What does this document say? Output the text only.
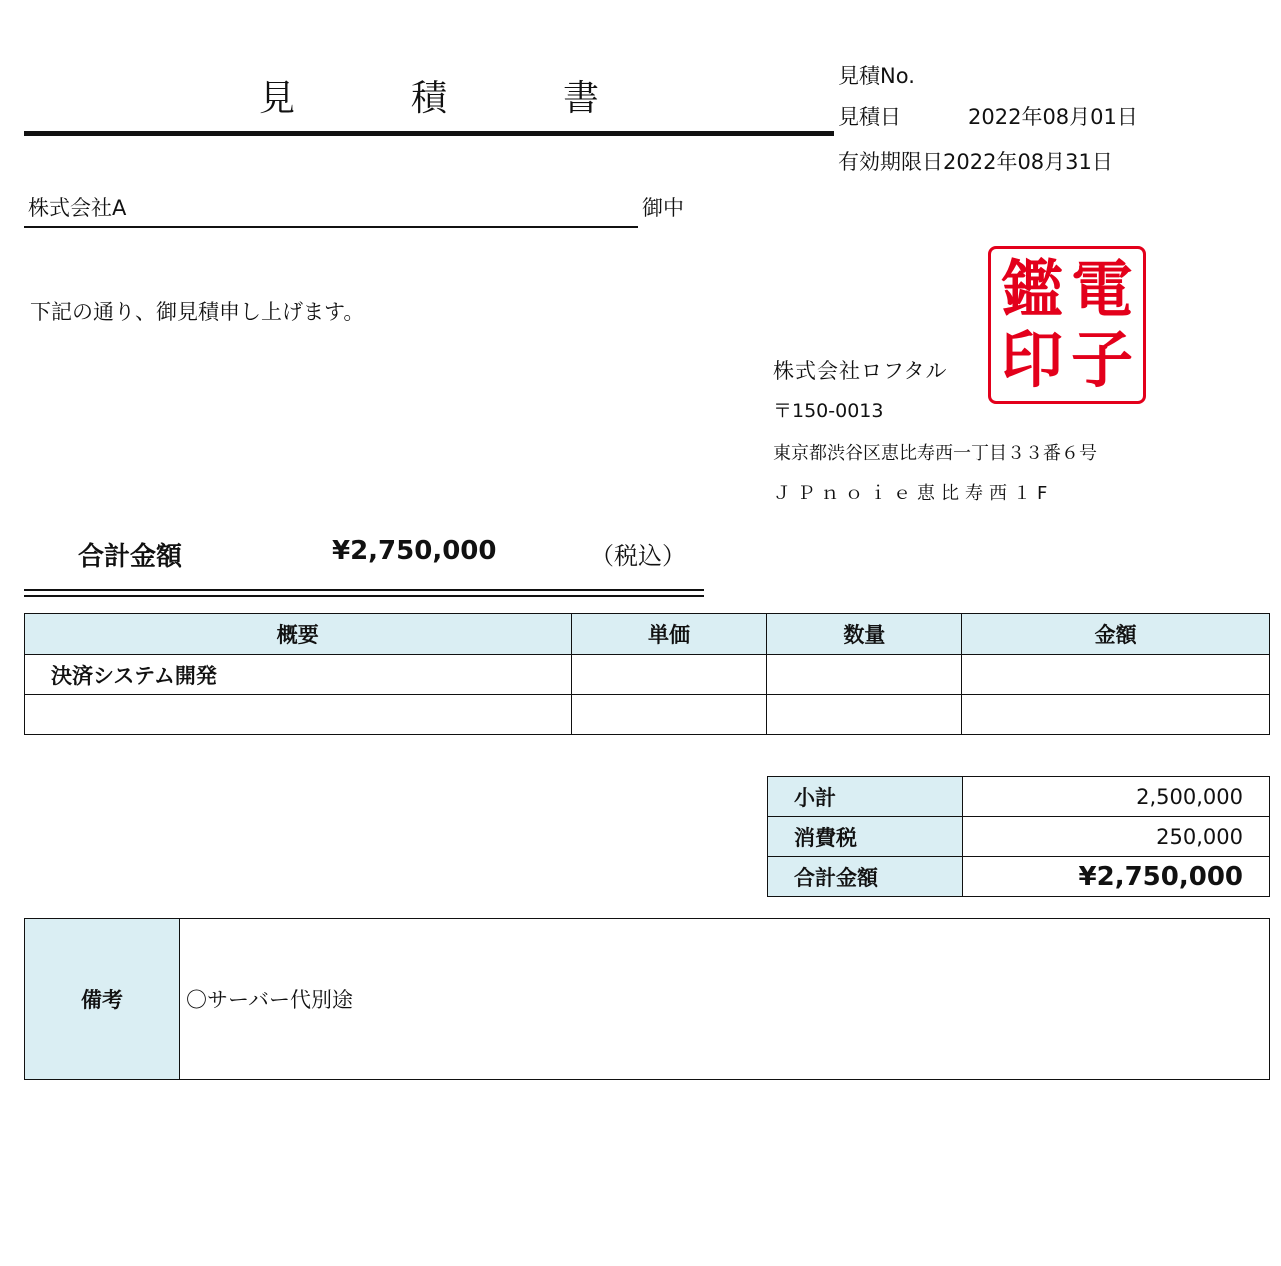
見　積　書
見積No.
見積日	2022年08月01日
有効期限日2022年08月31日
株式会社A	御中
下記の通り、御見積申し上げます。
株式会社ロフタル
〒150-0013
東京都渋谷区恵比寿西一丁目３３番６号
ＪＰｎｏｉｅ恵比寿西１F
印
電
子
鑑
合計金額	¥2,750,000	（税込）
概要	単価	数量	金額
決済システム開発			

小計	2,500,000
消費税	250,000
合計金額	¥2,750,000
備考	〇サーバー代別途
